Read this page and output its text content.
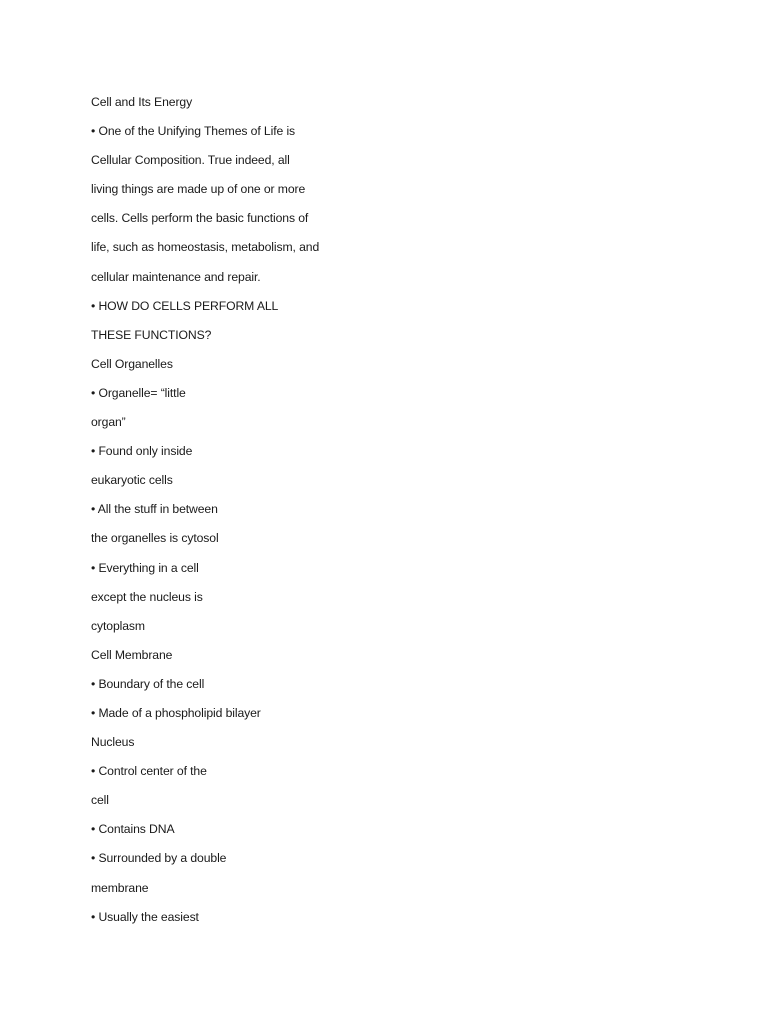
Cell and Its Energy
• One of the Unifying Themes of Life is
Cellular Composition. True indeed, all
living things are made up of one or more
cells. Cells perform the basic functions of
life, such as homeostasis, metabolism, and
cellular maintenance and repair.
• HOW DO CELLS PERFORM ALL
THESE FUNCTIONS?
Cell Organelles
• Organelle= “little
organ”
• Found only inside
eukaryotic cells
• All the stuff in between
the organelles is cytosol
• Everything in a cell
except the nucleus is
cytoplasm
Cell Membrane
• Boundary of the cell
• Made of a phospholipid bilayer
Nucleus
• Control center of the
cell
• Contains DNA
• Surrounded by a double
membrane
• Usually the easiest
